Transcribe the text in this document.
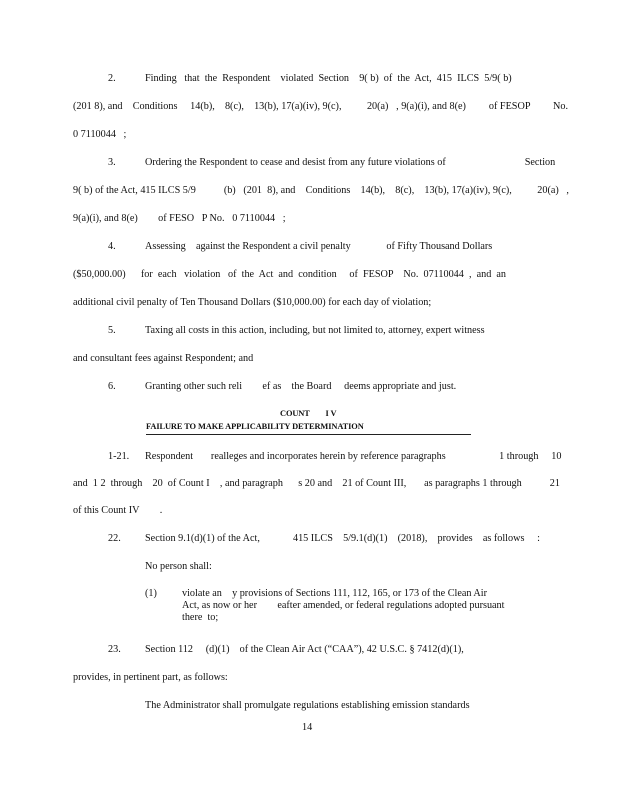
2.	Finding   that  the  Respondent    violated  Section    9( b)  of  the  Act,  415  ILCS  5/9( b)
(201 8), and    Conditions     14(b),    8(c),    13(b), 17(a)(iv), 9(c),          20(a)   , 9(a)(i), and 8(e)         of FESOP         No.
0 7110044   ;
3.	Ordering the Respondent to cease and desist from any future violations of                               Section
9( b) of the Act, 415 ILCS 5/9           (b)   (201  8), and    Conditions    14(b),    8(c),    13(b), 17(a)(iv), 9(c),          20(a)   ,
9(a)(i), and 8(e)        of FESO   P No.   0 7110044   ;
4.	Assessing    against the Respondent a civil penalty              of Fifty Thousand Dollars
($50,000.00)      for  each   violation   of  the  Act  and  condition     of  FESOP    No.  07110044  ,  and  an
additional civil penalty of Ten Thousand Dollars ($10,000.00) for each day of violation;
5.	Taxing all costs in this action, including, but not limited to, attorney, expert witness
and consultant fees against Respondent; and
6.	Granting other such reli        ef as    the Board     deems appropriate and just.
COUNT        I V
FAILURE TO MAKE APPLICABILITY DETERMINATION
1-21. Respondent       realleges and incorporates herein by reference paragraphs                     1 through     10
and  1 2  through    20  of Count I    , and paragraph      s 20 and    21 of Count III,       as paragraphs 1 through           21
of this Count IV        .
22. Section 9.1(d)(1) of the Act,             415 ILCS    5/9.1(d)(1)    (2018),    provides    as follows     :
No person shall:
(1) violate an    y provisions of Sections 111, 112, 165, or 173 of the Clean Air
Act, as now or her        eafter amended, or federal regulations adopted pursuant
there  to;
23. Section 112     (d)(1)    of the Clean Air Act (“CAA”), 42 U.S.C. § 7412(d)(1),
provides, in pertinent part, as follows:
The Administrator shall promulgate regulations establishing emission standards
14
